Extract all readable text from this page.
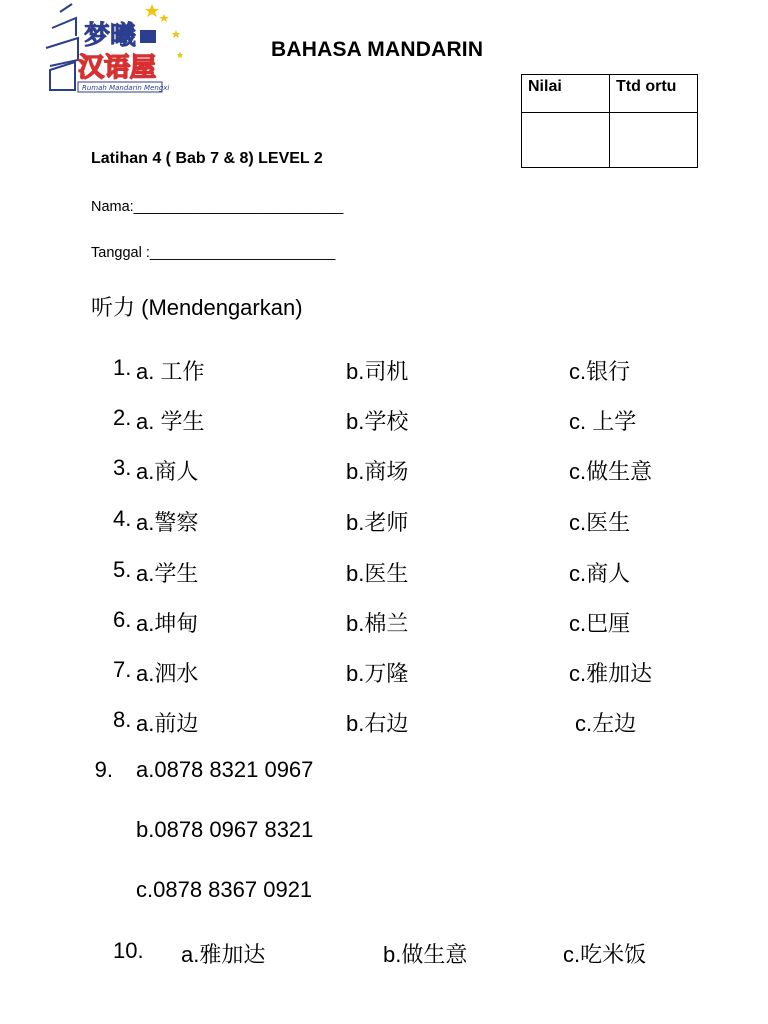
梦曦
汉语屋
Rumah Mandarin Mengxi
BAHASA MANDARIN
Nilai	Ttd ortu

Latihan 4 ( Bab 7 & 8) LEVEL 2
Nama:__________________________
Tanggal :_______________________
听力 (Mendengarkan)
1. a. 工作	b.司机	c.银行
2. a. 学生	b.学校	c. 上学
3. a.商人	b.商场	c.做生意
4. a.警察	b.老师	c.医生
5. a.学生	b.医生	c.商人
6. a.坤甸	b.棉兰	c.巴厘
7. a.泗水	b.万隆	c.雅加达
8. a.前边	b.右边	c.左边
9. a.0878 8321 0967
b.0878 0967 8321
c.0878 8367 0921
10. a.雅加达	b.做生意	c.吃米饭
